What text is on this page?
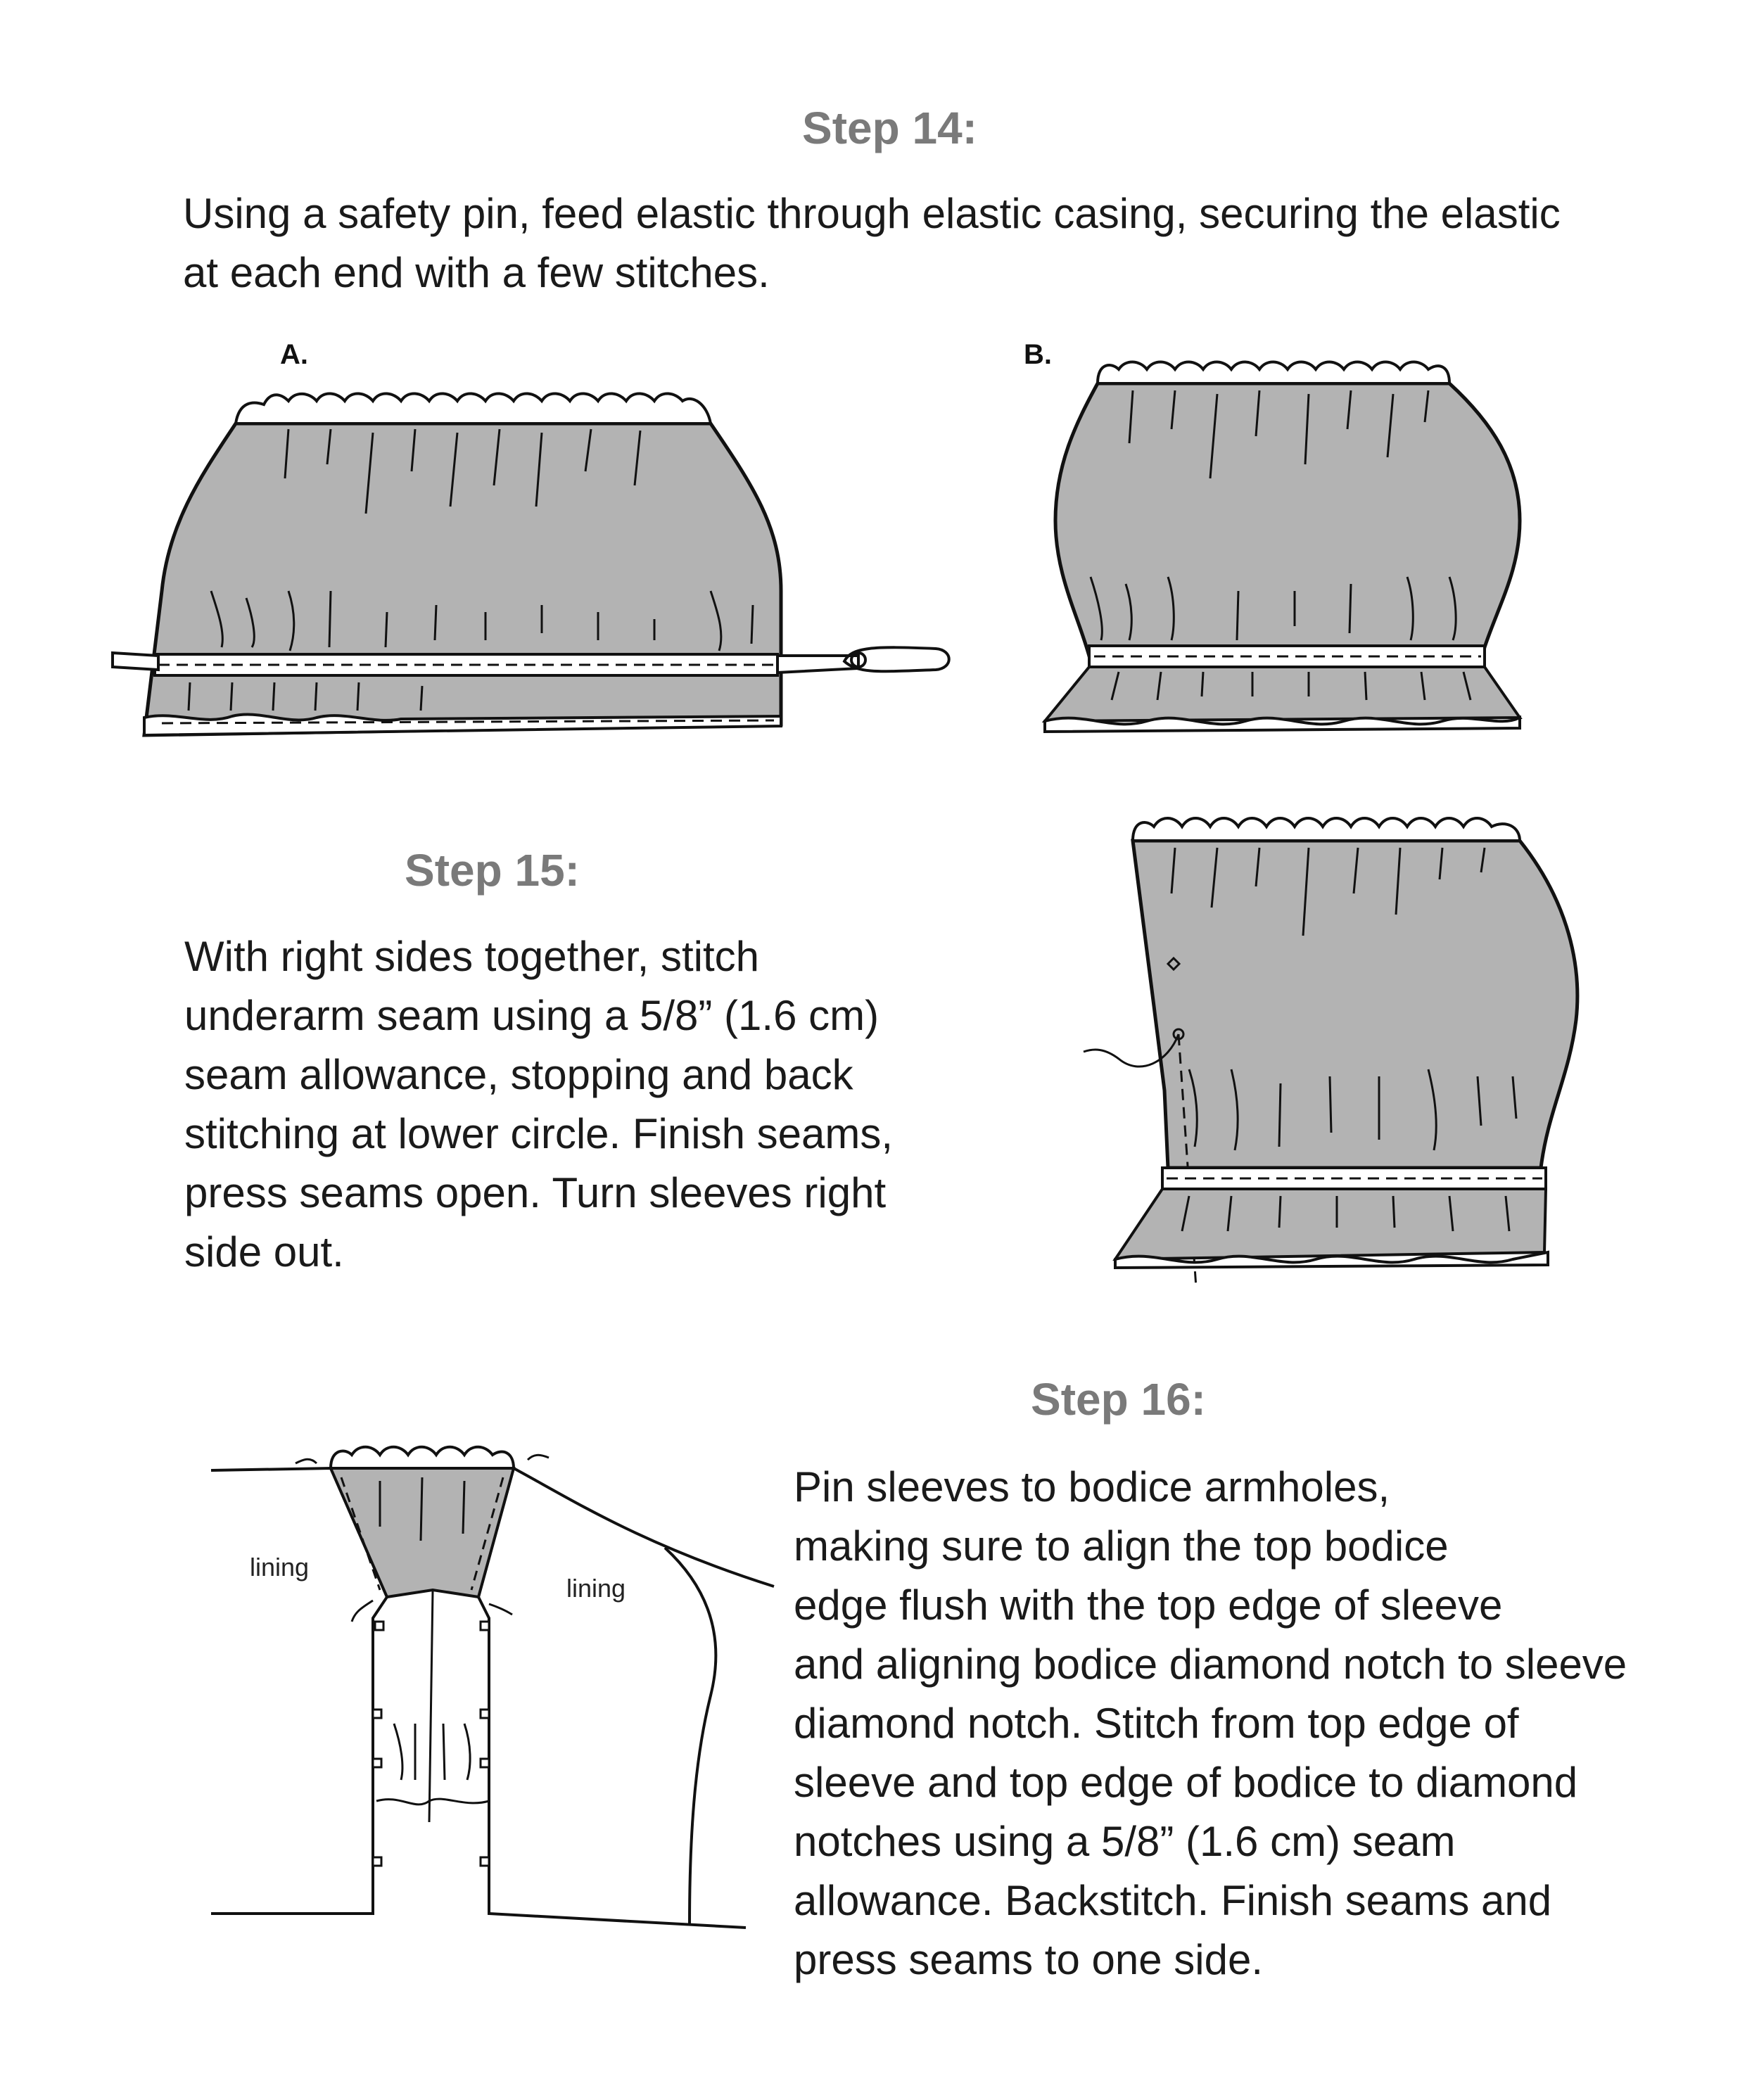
Step 14:
Using a safety pin, feed elastic through elastic casing, securing the elastic
at each end with a few stitches.
A.	B.
Step 15:
With right sides together, stitch
underarm seam using a 5/8” (1.6 cm)
seam allowance, stopping and back
stitching at lower circle. Finish seams,
press seams open. Turn sleeves right
side out.
Step 16:
Pin sleeves to bodice armholes,
making sure to align the top bodice
edge flush with the top edge of sleeve
and aligning bodice diamond notch to sleeve
diamond notch. Stitch from top edge of
sleeve and top edge of bodice to diamond
notches using a 5/8” (1.6 cm) seam
allowance. Backstitch. Finish seams and
press seams to one side.
lining
lining
